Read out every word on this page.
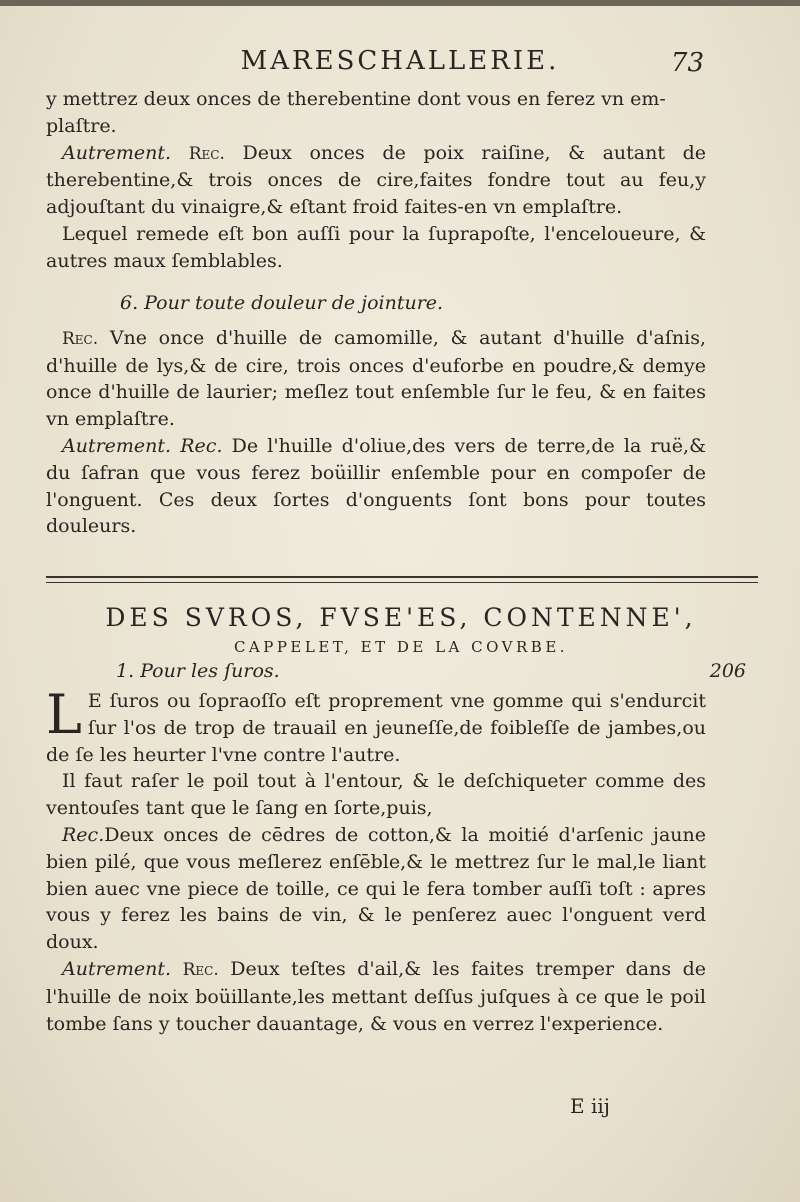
MARESCHALLERIE.	73

y mettrez deux onces de therebentine dont vous en ferez vn em-

plaſtre.

Autrement. Rec. Deux onces de poix raiſine, & autant de therebentine,& trois onces de cire,faites fondre tout au feu,y adjouſtant du vinaigre,& eſtant froid faites-en vn emplaſtre.

Lequel remede eſt bon auſſi pour la ſuprapoſte, l'enceloueure, & autres maux ſemblables.

6. Pour toute douleur de jointure.

Rec. Vne once d'huille de camomille, & autant d'huille d'aſnis, d'huille de lys,& de cire, trois onces d'euforbe en poudre,& demye once d'huille de laurier; meſlez tout enſemble ſur le feu, & en faites vn emplaſtre.

Autrement. Rec. De l'huille d'oliue,des vers de terre,de la ruë,& du ſafran que vous ferez boüillir enſemble pour en compoſer de l'onguent. Ces deux ſortes d'onguents ſont bons pour toutes douleurs.

DES SVROS, FVSE'ES, CONTENNE',

CAPPELET, ET DE LA COVRBE.

1. Pour les ſuros.	206

L E ſuros ou ſopraoſſo eſt proprement vne gomme qui s'endurcit ſur l'os de trop de trauail en jeuneſſe,de foibleſſe de jambes,ou de ſe les heurter l'vne contre l'autre.

Il faut raſer le poil tout à l'entour, & le deſchiqueter comme des ventouſes tant que le ſang en ſorte,puis,

Rec.Deux onces de cēdres de cotton,& la moitié d'arſenic jaune bien pilé, que vous meſlerez enſēble,& le mettrez ſur le mal,le liant bien auec vne piece de toille, ce qui le fera tomber auſſi toſt : apres vous y ferez les bains de vin, & le penſerez auec l'onguent verd doux.

Autrement. Rec. Deux teſtes d'ail,& les faites tremper dans de l'huille de noix boüillante,les mettant deſſus juſques à ce que le poil tombe ſans y toucher dauantage, & vous en verrez l'experience.

E iij
